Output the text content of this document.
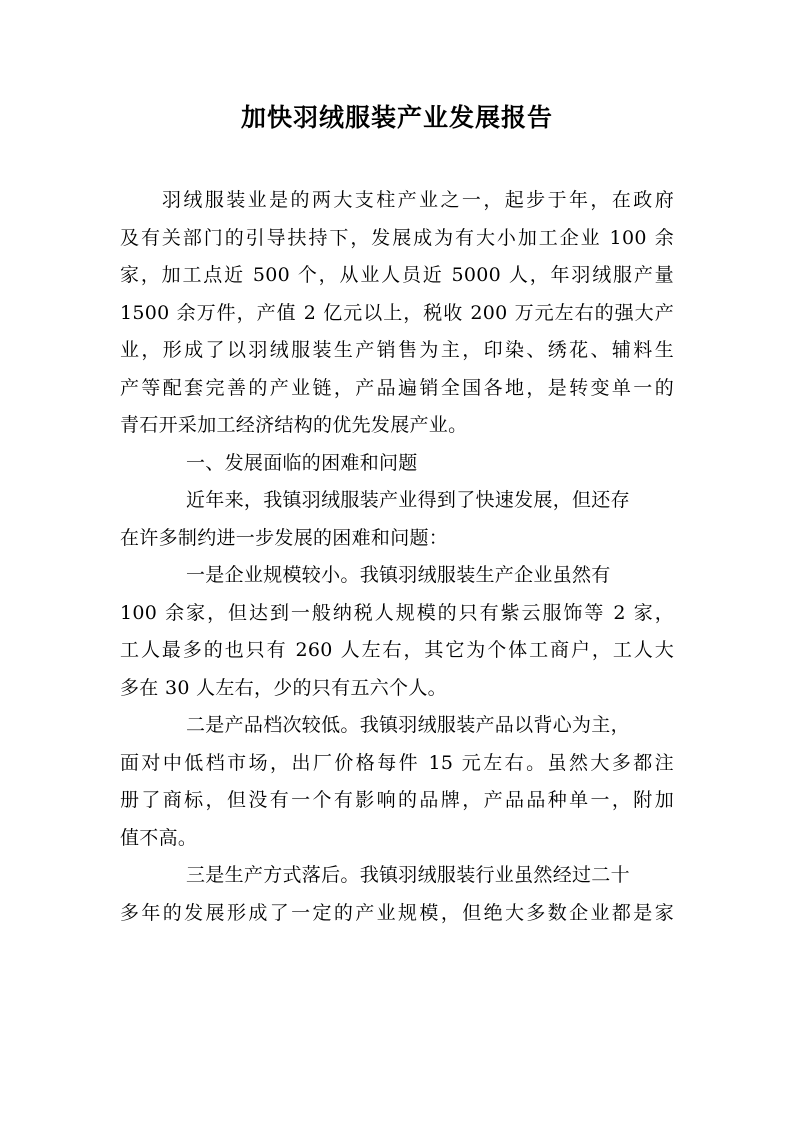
加快羽绒服装产业发展报告
羽绒服装业是的两大支柱产业之一，起步于年，在政府
及有关部门的引导扶持下，发展成为有大小加工企业 100 余
家，加工点近 500 个，从业人员近 5000 人，年羽绒服产量
1500 余万件，产值 2 亿元以上，税收 200 万元左右的强大产
业，形成了以羽绒服装生产销售为主，印染、绣花、辅料生
产等配套完善的产业链，产品遍销全国各地，是转变单一的
青石开采加工经济结构的优先发展产业。
一、发展面临的困难和问题
近年来，我镇羽绒服装产业得到了快速发展，但还存
在许多制约进一步发展的困难和问题：
一是企业规模较小。我镇羽绒服装生产企业虽然有
100 余家，但达到一般纳税人规模的只有紫云服饰等 2 家，
工人最多的也只有 260 人左右，其它为个体工商户，工人大
多在 30 人左右，少的只有五六个人。
二是产品档次较低。我镇羽绒服装产品以背心为主，
面对中低档市场，出厂价格每件 15 元左右。虽然大多都注
册了商标，但没有一个有影响的品牌，产品品种单一，附加
值不高。
三是生产方式落后。我镇羽绒服装行业虽然经过二十
多年的发展形成了一定的产业规模，但绝大多数企业都是家
